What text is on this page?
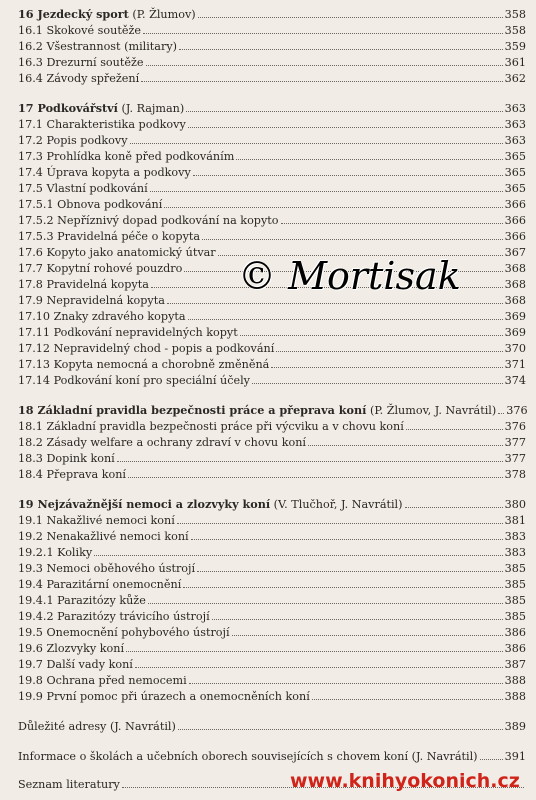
16 Jezdecký sport (P. Žlumov)	358
16.1 Skokové soutěže	358
16.2 Všestrannost (military)	359
16.3 Drezurní soutěže	361
16.4 Závody spřežení	362
17 Podkovářství (J. Rajman)	363
17.1 Charakteristika podkovy	363
17.2 Popis podkovy	363
17.3 Prohlídka koně před podkováním	365
17.4 Úprava kopyta a podkovy	365
17.5 Vlastní podkování	365
17.5.1 Obnova podkování	366
17.5.2 Nepříznivý dopad podkování na kopyto	366
17.5.3 Pravidelná péče o kopyta	366
17.6 Kopyto jako anatomický útvar	367
17.7 Kopytní rohové pouzdro	368
17.8 Pravidelná kopyta	368
17.9 Nepravidelná kopyta	368
17.10 Znaky zdravého kopyta	369
17.11 Podkování nepravidelných kopyt	369
17.12 Nepravidelný chod - popis a podkování	370
17.13 Kopyta nemocná a chorobně změněná	371
17.14 Podkování koní pro speciální účely	374
18 Základní pravidla bezpečnosti práce a přeprava koní (P. Žlumov, J. Navrátil) 376
18.1 Základní pravidla bezpečnosti práce při výcviku a v chovu koní	376
18.2 Zásady welfare a ochrany zdraví v chovu koní	377
18.3 Dopink koní	377
18.4 Přeprava koní	378
19 Nejzávažnější nemoci a zlozvyky koní (V. Tlučhoř, J. Navrátil)	380
19.1 Nakažlivé nemoci koní	381
19.2 Nenakažlivé nemoci koní	383
19.2.1 Koliky	383
19.3 Nemoci oběhového ústrojí	385
19.4 Parazitární onemocnění	385
19.4.1 Parazitózy kůže	385
19.4.2 Parazitózy trávicího ústrojí	385
19.5 Onemocnění pohybového ústrojí	386
19.6 Zlozvyky koní	386
19.7 Další vady koní	387
19.8 Ochrana před nemocemi	388
19.9 První pomoc při úrazech a onemocněních koní	388
Důležité adresy (J. Navrátil)	389
Informace o školách a učebních oborech souvisejících s chovem koní (J. Navrátil) 391
Seznam literatury
© Mortisak
www.knihyokonich.cz
